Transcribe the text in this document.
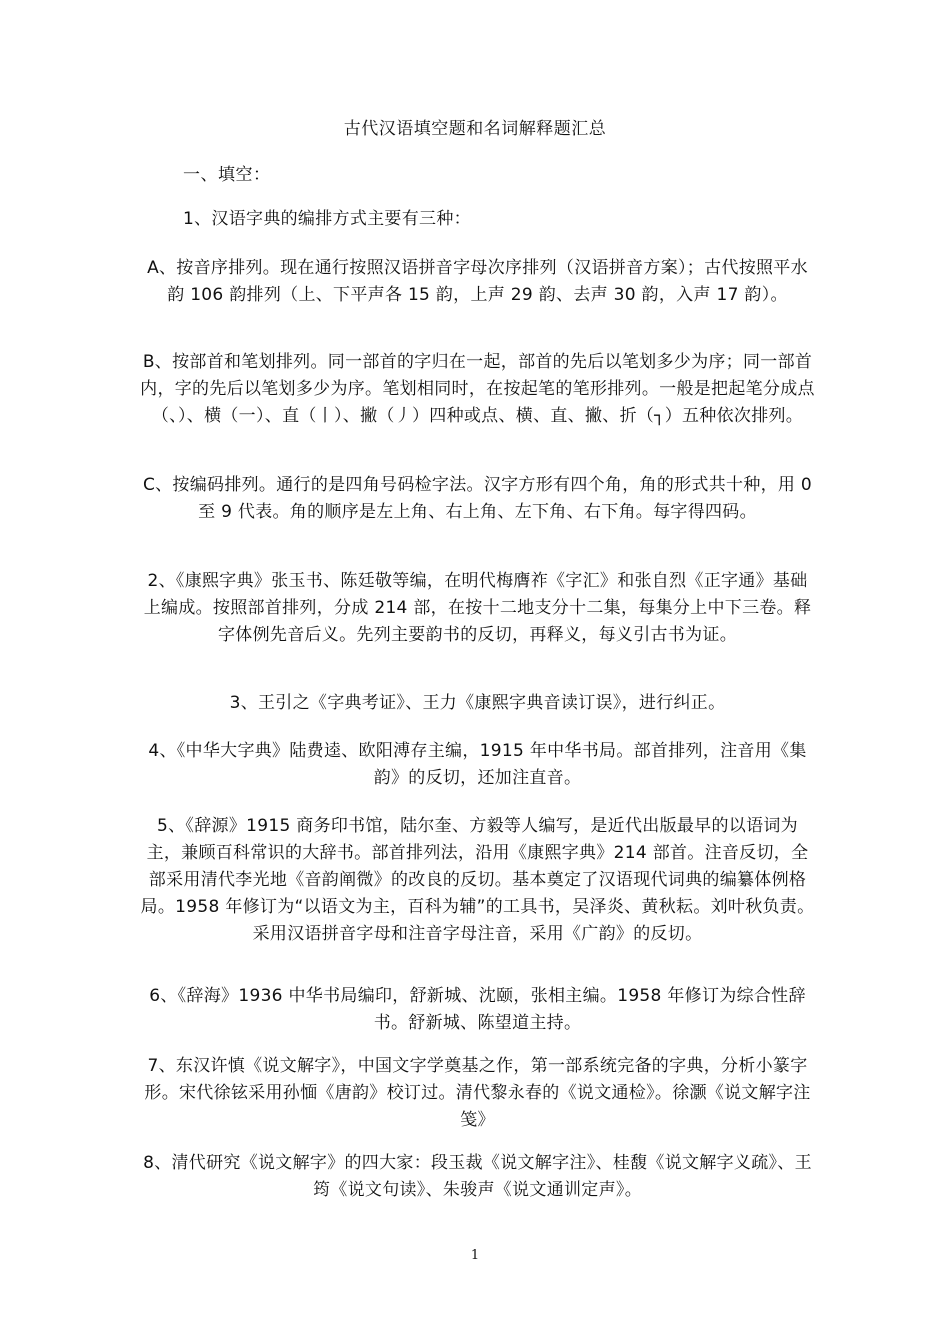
古代汉语填空题和名词解释题汇总
一、填空：
1、汉语字典的编排方式主要有三种：
A、按音序排列。现在通行按照汉语拼音字母次序排列（汉语拼音方案）；古代按照平水韵 106 韵排列（上、下平声各 15 韵，上声 29 韵、去声 30 韵，入声 17 韵）。
B、按部首和笔划排列。同一部首的字归在一起，部首的先后以笔划多少为序；同一部首内，字的先后以笔划多少为序。笔划相同时，在按起笔的笔形排列。一般是把起笔分成点（、）、横（一）、直（丨）、撇（丿）四种或点、横、直、撇、折（┐）五种依次排列。
C、按编码排列。通行的是四角号码检字法。汉字方形有四个角，角的形式共十种，用 0 至 9 代表。角的顺序是左上角、右上角、左下角、右下角。每字得四码。
2、《康熙字典》张玉书、陈廷敬等编，在明代梅膺祚《字汇》和张自烈《正字通》基础上编成。按照部首排列，分成 214 部，在按十二地支分十二集，每集分上中下三卷。释字体例先音后义。先列主要韵书的反切，再释义，每义引古书为证。
3、王引之《字典考证》、王力《康熙字典音读订误》，进行纠正。
4、《中华大字典》陆费逵、欧阳溥存主编，1915 年中华书局。部首排列，注音用《集韵》的反切，还加注直音。
5、《辞源》1915 商务印书馆，陆尔奎、方毅等人编写，是近代出版最早的以语词为主，兼顾百科常识的大辞书。部首排列法，沿用《康熙字典》214 部首。注音反切，全部采用清代李光地《音韵阐微》的改良的反切。基本奠定了汉语现代词典的编纂体例格局。1958 年修订为“以语文为主，百科为辅”的工具书，吴泽炎、黄秋耘。刘叶秋负责。采用汉语拼音字母和注音字母注音，采用《广韵》的反切。
6、《辞海》1936 中华书局编印，舒新城、沈颐，张相主编。1958 年修订为综合性辞书。舒新城、陈望道主持。
7、东汉许慎《说文解字》，中国文字学奠基之作，第一部系统完备的字典，分析小篆字形。宋代徐铉采用孙愐《唐韵》校订过。清代黎永春的《说文通检》。徐灏《说文解字注笺》
8、清代研究《说文解字》的四大家：段玉裁《说文解字注》、桂馥《说文解字义疏》、王筠《说文句读》、朱骏声《说文通训定声》。
1
